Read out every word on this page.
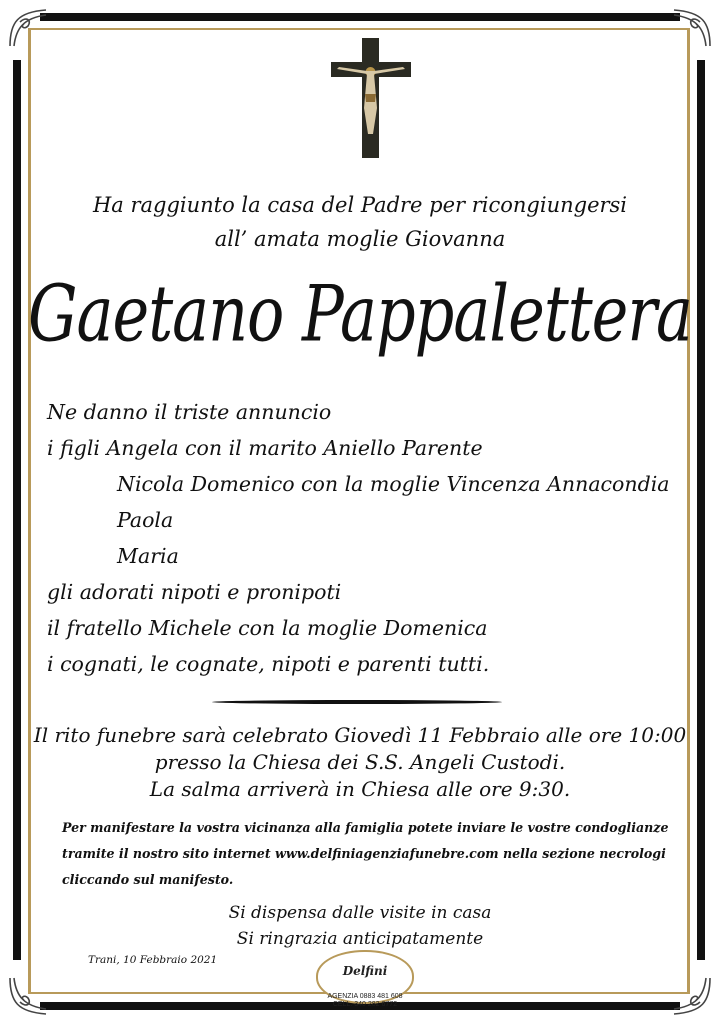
Ha raggiunto la casa del Padre per ricongiungersi
all’ amata moglie Giovanna
Gaetano Pappalettera
Ne danno il triste annuncio
i figli Angela con il marito Aniello Parente
Nicola Domenico con la moglie Vincenza Annacondia
Paola
Maria
gli adorati nipoti e pronipoti
il fratello Michele con la moglie Domenica
i cognati, le cognate, nipoti e parenti tutti.
Il rito funebre sarà celebrato Giovedì 11 Febbraio alle ore 10:00
presso la Chiesa dei S.S. Angeli Custodi.
La salma arriverà in Chiesa alle ore 9:30.
Per manifestare la vostra vicinanza alla famiglia potete inviare le vostre condoglianze
tramite il nostro sito internet www.delfiniagenziafunebre.com nella sezione necrologi
cliccando sul manifesto.
Si dispensa dalle visite in casa
Si ringrazia anticipatamente
Trani, 10 Febbraio 2021
Delfini
AGENZIA 0883 481 608
CELL. 340 282 6772
